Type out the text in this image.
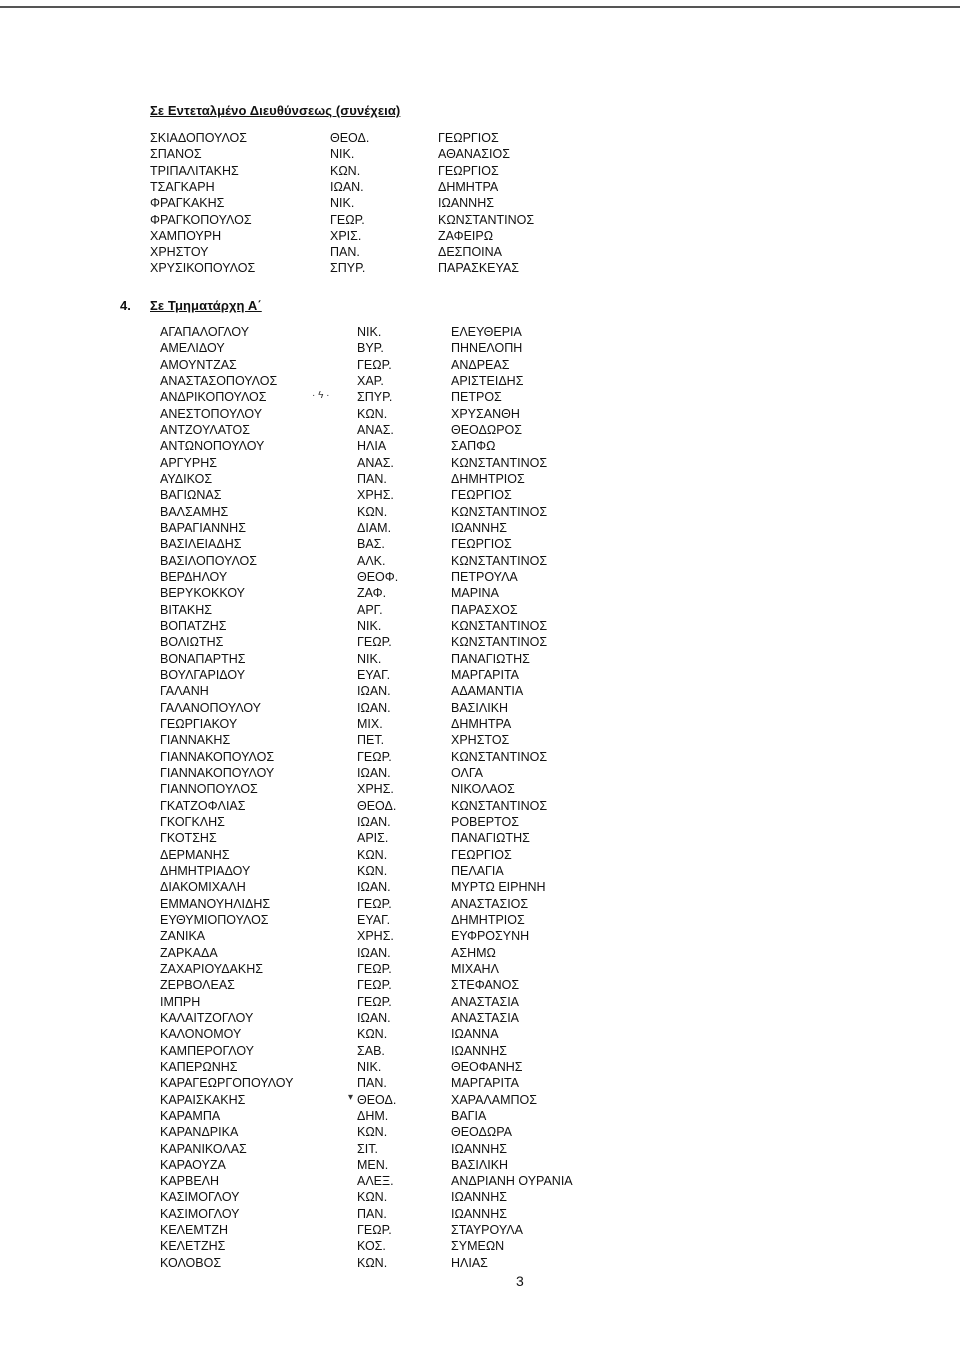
Σε Εντεταλμένο Διευθύνσεως (συνέχεια)
ΣΚΙΑΔΟΠΟΥΛΟΣ	ΘΕΟΔ.	ΓΕΩΡΓΙΟΣ
ΣΠΑΝΟΣ	ΝΙΚ.	ΑΘΑΝΑΣΙΟΣ
ΤΡΙΠΑΛΙΤΑΚΗΣ	ΚΩΝ.	ΓΕΩΡΓΙΟΣ
ΤΣΑΓΚΑΡΗ	ΙΩΑΝ.	ΔΗΜΗΤΡΑ
ΦΡΑΓΚΑΚΗΣ	ΝΙΚ.	ΙΩΑΝΝΗΣ
ΦΡΑΓΚΟΠΟΥΛΟΣ	ΓΕΩΡ.	ΚΩΝΣΤΑΝΤΙΝΟΣ
ΧΑΜΠΟΥΡΗ	ΧΡΙΣ.	ΖΑΦΕΙΡΩ
ΧΡΗΣΤΟΥ	ΠΑΝ.	ΔΕΣΠΟΙΝΑ
ΧΡΥΣΙΚΟΠΟΥΛΟΣ	ΣΠΥΡ.	ΠΑΡΑΣΚΕΥΑΣ
4. Σε Τμηματάρχη Α΄
ΑΓΑΠΑΛΟΓΛΟΥ	ΝΙΚ.	ΕΛΕΥΘΕΡΙΑ
ΑΜΕΛΙΔΟΥ	ΒΥΡ.	ΠΗΝΕΛΟΠΗ
ΑΜΟΥΝΤΖΑΣ	ΓΕΩΡ.	ΑΝΔΡΕΑΣ
ΑΝΑΣΤΑΣΟΠΟΥΛΟΣ	ΧΑΡ.	ΑΡΙΣΤΕΙΔΗΣ
ΑΝΔΡΙΚΟΠΟΥΛΟΣ	ΣΠΥΡ.	ΠΕΤΡΟΣ
ΑΝΕΣΤΟΠΟΥΛΟΥ	ΚΩΝ.	ΧΡΥΣΑΝΘΗ
ΑΝΤΖΟΥΛΑΤΟΣ	ΑΝΑΣ.	ΘΕΟΔΩΡΟΣ
ΑΝΤΩΝΟΠΟΥΛΟΥ	ΗΛΙΑ	ΣΑΠΦΩ
ΑΡΓΥΡΗΣ	ΑΝΑΣ.	ΚΩΝΣΤΑΝΤΙΝΟΣ
ΑΥΔΙΚΟΣ	ΠΑΝ.	ΔΗΜΗΤΡΙΟΣ
ΒΑΓΙΩΝΑΣ	ΧΡΗΣ.	ΓΕΩΡΓΙΟΣ
ΒΑΛΣΑΜΗΣ	ΚΩΝ.	ΚΩΝΣΤΑΝΤΙΝΟΣ
ΒΑΡΑΓΙΑΝΝΗΣ	ΔΙΑΜ.	ΙΩΑΝΝΗΣ
ΒΑΣΙΛΕΙΑΔΗΣ	ΒΑΣ.	ΓΕΩΡΓΙΟΣ
ΒΑΣΙΛΟΠΟΥΛΟΣ	ΑΛΚ.	ΚΩΝΣΤΑΝΤΙΝΟΣ
ΒΕΡΔΗΛΟΥ	ΘΕΟΦ.	ΠΕΤΡΟΥΛΑ
ΒΕΡΥΚΟΚΚΟΥ	ΖΑΦ.	ΜΑΡΙΝΑ
ΒΙΤΑΚΗΣ	ΑΡΓ.	ΠΑΡΑΣΧΟΣ
ΒΟΠΑΤΖΗΣ	ΝΙΚ.	ΚΩΝΣΤΑΝΤΙΝΟΣ
ΒΟΛΙΩΤΗΣ	ΓΕΩΡ.	ΚΩΝΣΤΑΝΤΙΝΟΣ
ΒΟΝΑΠΑΡΤΗΣ	ΝΙΚ.	ΠΑΝΑΓΙΩΤΗΣ
ΒΟΥΛΓΑΡΙΔΟΥ	ΕΥΑΓ.	ΜΑΡΓΑΡΙΤΑ
ΓΑΛΑΝΗ	ΙΩΑΝ.	ΑΔΑΜΑΝΤΙΑ
ΓΑΛΑΝΟΠΟΥΛΟΥ	ΙΩΑΝ.	ΒΑΣΙΛΙΚΗ
ΓΕΩΡΓΙΑΚΟΥ	ΜΙΧ.	ΔΗΜΗΤΡΑ
ΓΙΑΝΝΑΚΗΣ	ΠΕΤ.	ΧΡΗΣΤΟΣ
ΓΙΑΝΝΑΚΟΠΟΥΛΟΣ	ΓΕΩΡ.	ΚΩΝΣΤΑΝΤΙΝΟΣ
ΓΙΑΝΝΑΚΟΠΟΥΛΟΥ	ΙΩΑΝ.	ΟΛΓΑ
ΓΙΑΝΝΟΠΟΥΛΟΣ	ΧΡΗΣ.	ΝΙΚΟΛΑΟΣ
ΓΚΑΤΖΟΦΛΙΑΣ	ΘΕΟΔ.	ΚΩΝΣΤΑΝΤΙΝΟΣ
ΓΚΟΓΚΛΗΣ	ΙΩΑΝ.	ΡΟΒΕΡΤΟΣ
ΓΚΟΤΣΗΣ	ΑΡΙΣ.	ΠΑΝΑΓΙΩΤΗΣ
ΔΕΡΜΑΝΗΣ	ΚΩΝ.	ΓΕΩΡΓΙΟΣ
ΔΗΜΗΤΡΙΑΔΟΥ	ΚΩΝ.	ΠΕΛΑΓΙΑ
ΔΙΑΚΟΜΙΧΑΛΗ	ΙΩΑΝ.	ΜΥΡΤΩ ΕΙΡΗΝΗ
ΕΜΜΑΝΟΥΗΛΙΔΗΣ	ΓΕΩΡ.	ΑΝΑΣΤΑΣΙΟΣ
ΕΥΘΥΜΙΟΠΟΥΛΟΣ	ΕΥΑΓ.	ΔΗΜΗΤΡΙΟΣ
ΖΑΝΙΚΑ	ΧΡΗΣ.	ΕΥΦΡΟΣΥΝΗ
ΖΑΡΚΑΔΑ	ΙΩΑΝ.	ΑΣΗΜΩ
ΖΑΧΑΡΙΟΥΔΑΚΗΣ	ΓΕΩΡ.	ΜΙΧΑΗΛ
ΖΕΡΒΟΛΕΑΣ	ΓΕΩΡ.	ΣΤΕΦΑΝΟΣ
ΙΜΠΡΗ	ΓΕΩΡ.	ΑΝΑΣΤΑΣΙΑ
ΚΑΛΑΙΤΖΟΓΛΟΥ	ΙΩΑΝ.	ΑΝΑΣΤΑΣΙΑ
ΚΑΛΟΝΟΜΟΥ	ΚΩΝ.	ΙΩΑΝΝΑ
ΚΑΜΠΕΡΟΓΛΟΥ	ΣΑΒ.	ΙΩΑΝΝΗΣ
ΚΑΠΕΡΩΝΗΣ	ΝΙΚ.	ΘΕΟΦΑΝΗΣ
ΚΑΡΑΓΕΩΡΓΟΠΟΥΛΟΥ	ΠΑΝ.	ΜΑΡΓΑΡΙΤΑ
ΚΑΡΑΙΣΚΑΚΗΣ	ΘΕΟΔ.	ΧΑΡΑΛΑΜΠΟΣ
ΚΑΡΑΜΠΑ	ΔΗΜ.	ΒΑΓΙΑ
ΚΑΡΑΝΔΡΙΚΑ	ΚΩΝ.	ΘΕΟΔΩΡΑ
ΚΑΡΑΝΙΚΟΛΑΣ	ΣΙΤ.	ΙΩΑΝΝΗΣ
ΚΑΡΑΟΥΖΑ	ΜΕΝ.	ΒΑΣΙΛΙΚΗ
ΚΑΡΒΕΛΗ	ΑΛΕΞ.	ΑΝΔΡΙΑΝΗ ΟΥΡΑΝΙΑ
ΚΑΣΙΜΟΓΛΟΥ	ΚΩΝ.	ΙΩΑΝΝΗΣ
ΚΑΣΙΜΟΓΛΟΥ	ΠΑΝ.	ΙΩΑΝΝΗΣ
ΚΕΛΕΜΤΖΗ	ΓΕΩΡ.	ΣΤΑΥΡΟΥΛΑ
ΚΕΛΕΤΖΗΣ	ΚΟΣ.	ΣΥΜΕΩΝ
ΚΟΛΟΒΟΣ	ΚΩΝ.	ΗΛΙΑΣ
· ϟ ·
▾
3
